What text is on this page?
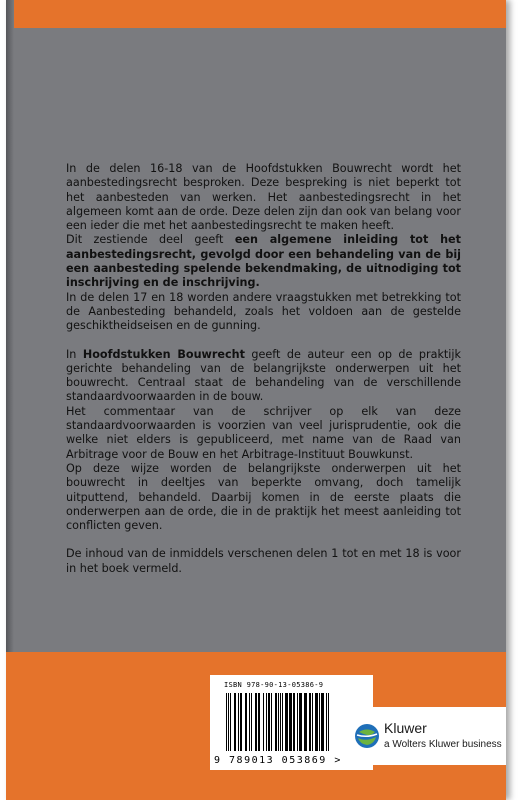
In de delen 16-18 van de Hoofdstukken Bouwrecht wordt het aanbestedingsrecht besproken. Deze bespreking is niet beperkt tot het aanbesteden van werken. Het aanbestedingsrecht in het algemeen komt aan de orde. Deze delen zijn dan ook van belang voor een ieder die met het aanbestedingsrecht te maken heeft.

Dit zestiende deel geeft een algemene inleiding tot het aanbestedingsrecht, gevolgd door een behandeling van de bij een aanbesteding spelende bekendmaking, de uitnodiging tot inschrijving en de inschrijving.

In de delen 17 en 18 worden andere vraagstukken met betrekking tot de Aanbesteding behandeld, zoals het voldoen aan de gestelde geschiktheidseisen en de gunning.

In Hoofdstukken Bouwrecht geeft de auteur een op de praktijk gerichte behandeling van de belangrijkste onderwerpen uit het bouwrecht. Centraal staat de behandeling van de verschillende standaardvoorwaarden in de bouw.

Het commentaar van de schrijver op elk van deze standaardvoorwaarden is voorzien van veel jurisprudentie, ook die welke niet elders is gepubliceerd, met name van de Raad van Arbitrage voor de Bouw en het Arbitrage-Instituut Bouwkunst.

Op deze wijze worden de belangrijkste onderwerpen uit het bouwrecht in deeltjes van beperkte omvang, doch tamelijk uitputtend, behandeld. Daarbij komen in de eerste plaats die onderwerpen aan de orde, die in de praktijk het meest aanleiding tot conflicten geven.

De inhoud van de inmiddels verschenen delen 1 tot en met 18 is voor in het boek vermeld.

ISBN 978-90-13-05386-9
9 789013 053869 >
Kluwer
a Wolters Kluwer business
